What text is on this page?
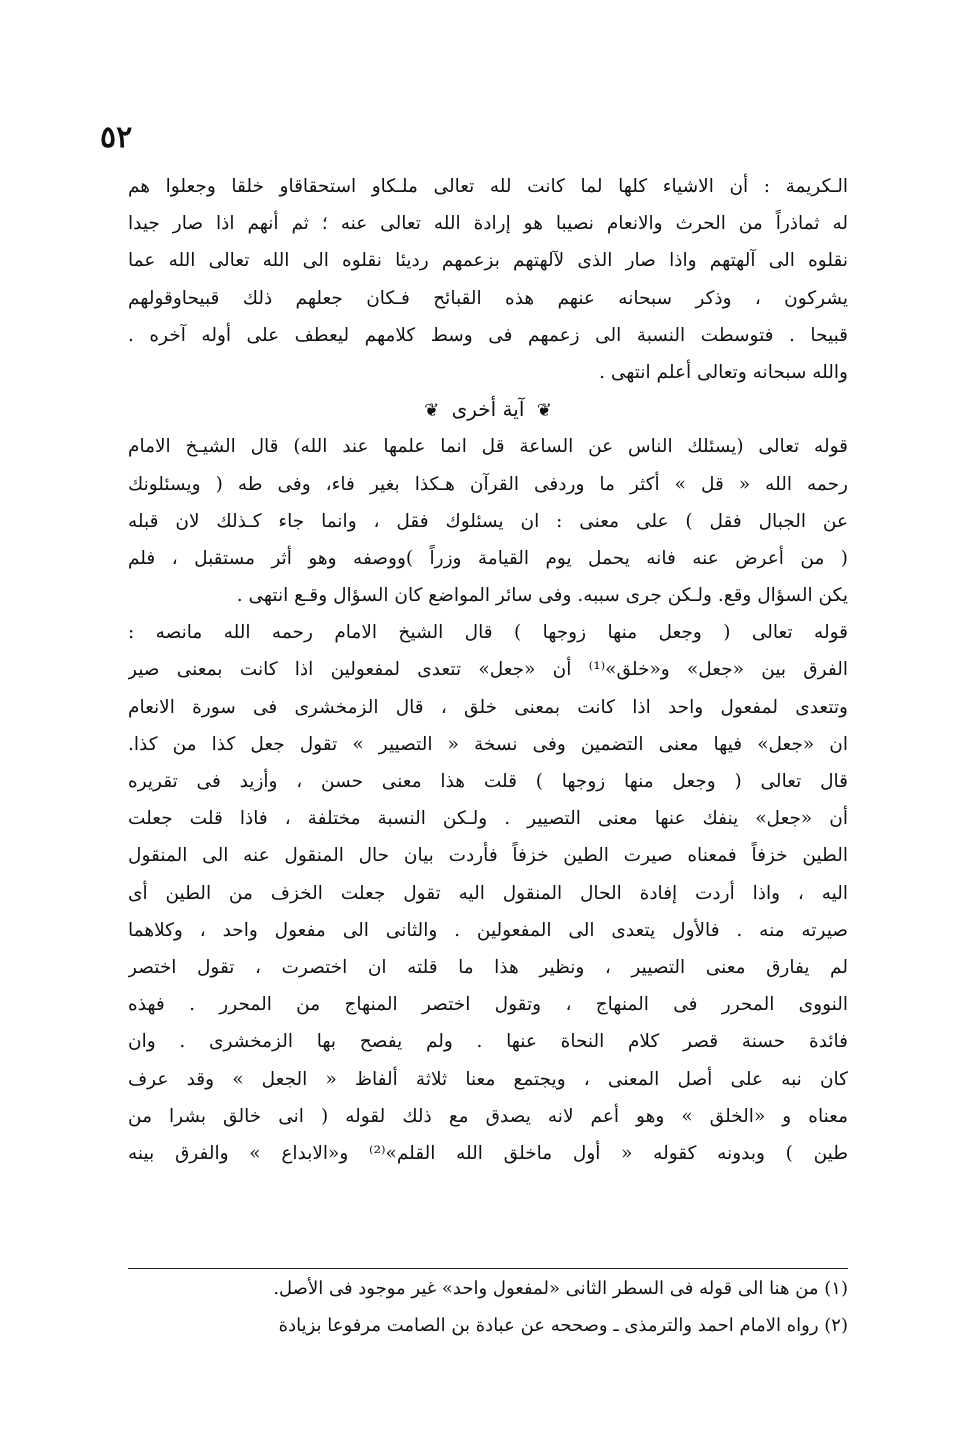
٥٢
الـكريمة : أن الاشياء كلها لما كانت لله تعالى ملـكاو استحقاقاو خلقا وجعلوا هم
له ثماذراً من الحرث والانعام نصيبا هو إرادة الله تعالى عنه ؛ ثم أنهم اذا صار جيدا
نقلوه الى آلهتهم واذا صار الذى لآلهتهم بزعمهم رديئا نقلوه الى الله تعالى الله عما
يشركون ، وذكر سبحانه عنهم هذه القبائح فـكان جعلهم ذلك قبيحاوقولهم
قبيحا . فتوسطت النسبة الى زعمهم فى وسط كلامهم ليعطف على أوله آخره .
والله سبحانه وتعالى أعلم انتهى .
❦ آية أخرى ❦
قوله تعالى (يسئلك الناس عن الساعة قل انما علمها عند الله) قال الشيـخ الامام
رحمه الله « قل » أكثر ما وردفى القرآن هـكذا بغير فاء، وفى طه ( ويسئلونك
عن الجبال فقل ) على معنى : ان يسئلوك فقل ، وانما جاء كـذلك لان قبله
( من أعرض عنه فانه يحمل يوم القيامة وزراً )ووصفه وهو أثر مستقبل ، فلم
يكن السؤال وقع. ولـكن جرى سببه. وفى سائر المواضع كان السؤال وقـع انتهى .
قوله تعالى ( وجعل منها زوجها ) قال الشيخ الامام رحمه الله مانصه :
الفرق بين «جعل» و«خلق»⁽¹⁾ أن «جعل» تتعدى لمفعولين اذا كانت بمعنى صير
وتتعدى لمفعول واحد اذا كانت بمعنى خلق ، قال الزمخشرى فى سورة الانعام
ان «جعل» فيها معنى التضمين وفى نسخة « التصيير » تقول جعل كذا من كذا.
قال تعالى ( وجعل منها زوجها ) قلت هذا معنى حسن ، وأزيد فى تقريره
أن «جعل» ينفك عنها معنى التصيير . ولـكن النسبة مختلفة ، فاذا قلت جعلت
الطين خزفاً فمعناه صيرت الطين خزفاً فأردت بيان حال المنقول عنه الى المنقول
اليه ، واذا أردت إفادة الحال المنقول اليه تقول جعلت الخزف من الطين أى
صيرته منه . فالأول يتعدى الى المفعولين . والثانى الى مفعول واحد ، وكلاهما
لم يفارق معنى التصيير ، ونظير هذا ما قلته ان اختصرت ، تقول اختصر
النووى المحرر فى المنهاج ، وتقول اختصر المنهاج من المحرر . فهذه
فائدة حسنة قصر كلام النحاة عنها . ولم يفصح بها الزمخشرى . وان
كان نبه على أصل المعنى ، ويجتمع معنا ثلاثة ألفاظ « الجعل » وقد عرف
معناه و «الخلق » وهو أعم لانه يصدق مع ذلك لقوله ( انى خالق بشرا من
طين ) وبدونه كقوله « أول ماخلق الله القلم»⁽²⁾ و«الابداع » والفرق بينه
(١) من هنا الى قوله فى السطر الثانى «لمفعول واحد» غير موجود فى الأصل.
(٢) رواه الامام احمد والترمذى ـ وصححه عن عبادة بن الصامت مرفوعا بزيادة
